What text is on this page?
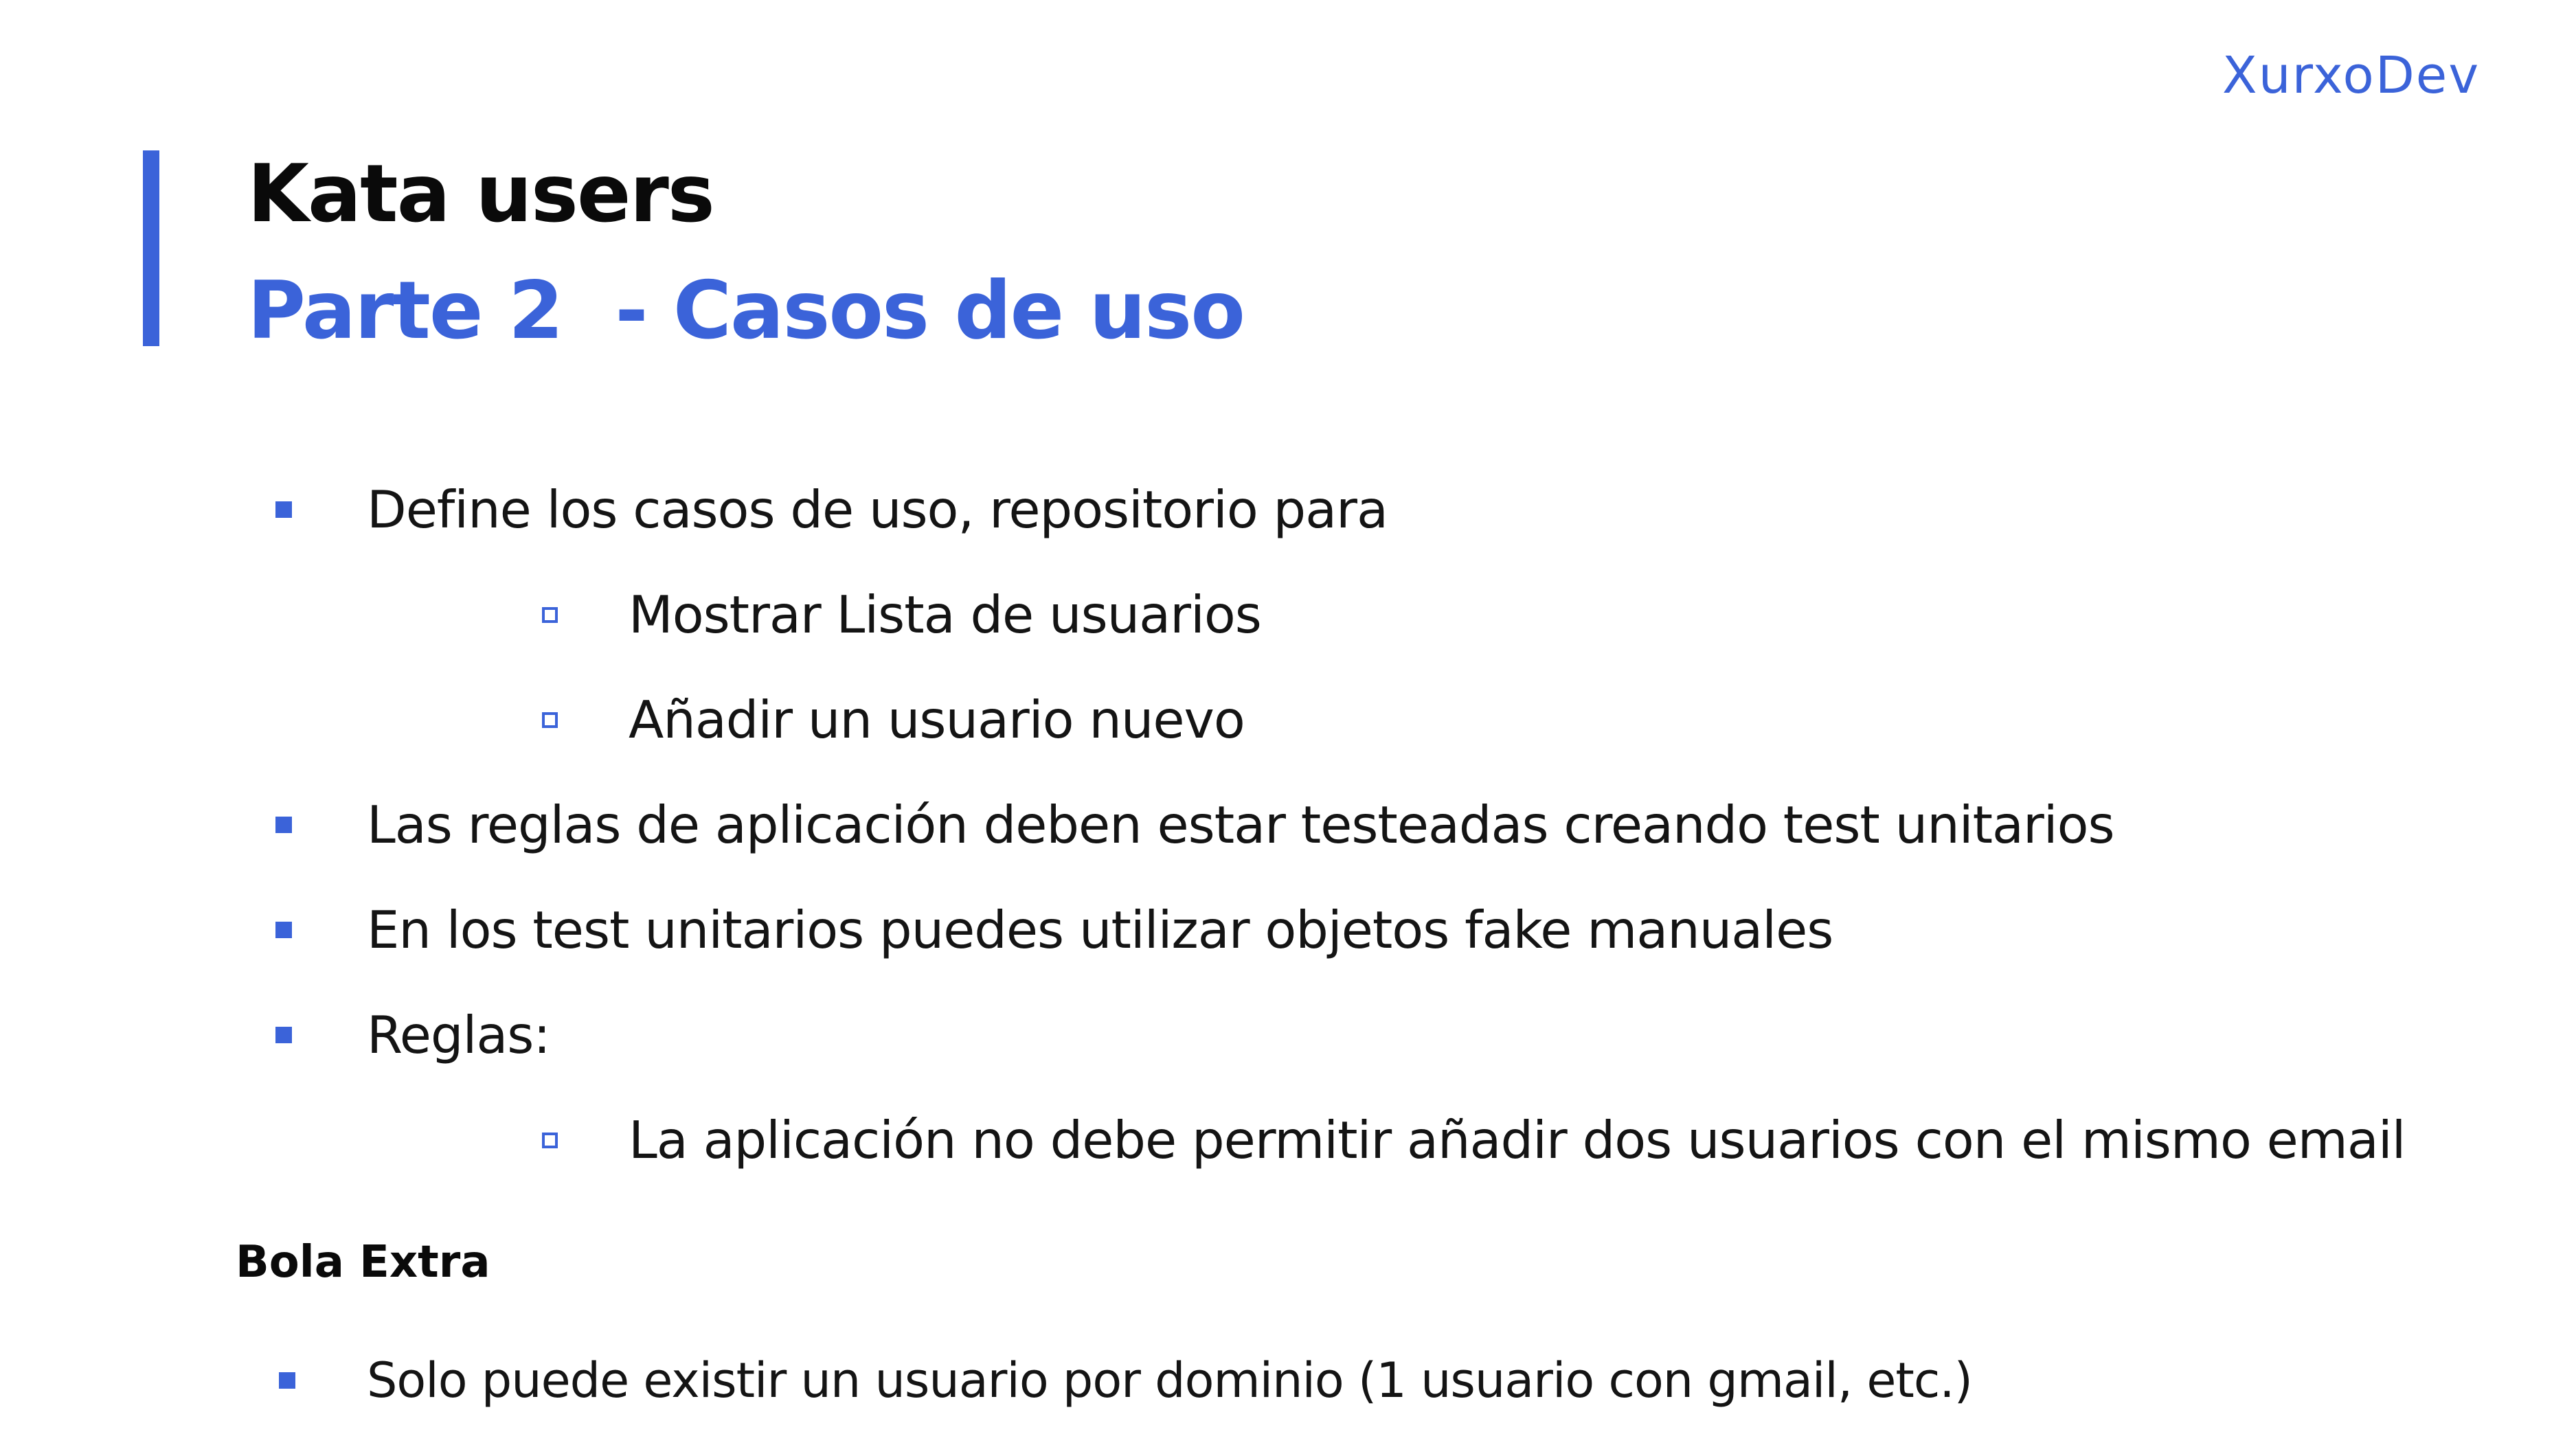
XurxoDev
Kata users
Parte 2  - Casos de uso
Define los casos de uso, repositorio para
Mostrar Lista de usuarios
Añadir un usuario nuevo
Las reglas de aplicación deben estar testeadas creando test unitarios
En los test unitarios puedes utilizar objetos fake manuales
Reglas:
La aplicación no debe permitir añadir dos usuarios con el mismo email
Bola Extra
Solo puede existir un usuario por dominio (1 usuario con gmail, etc.)
